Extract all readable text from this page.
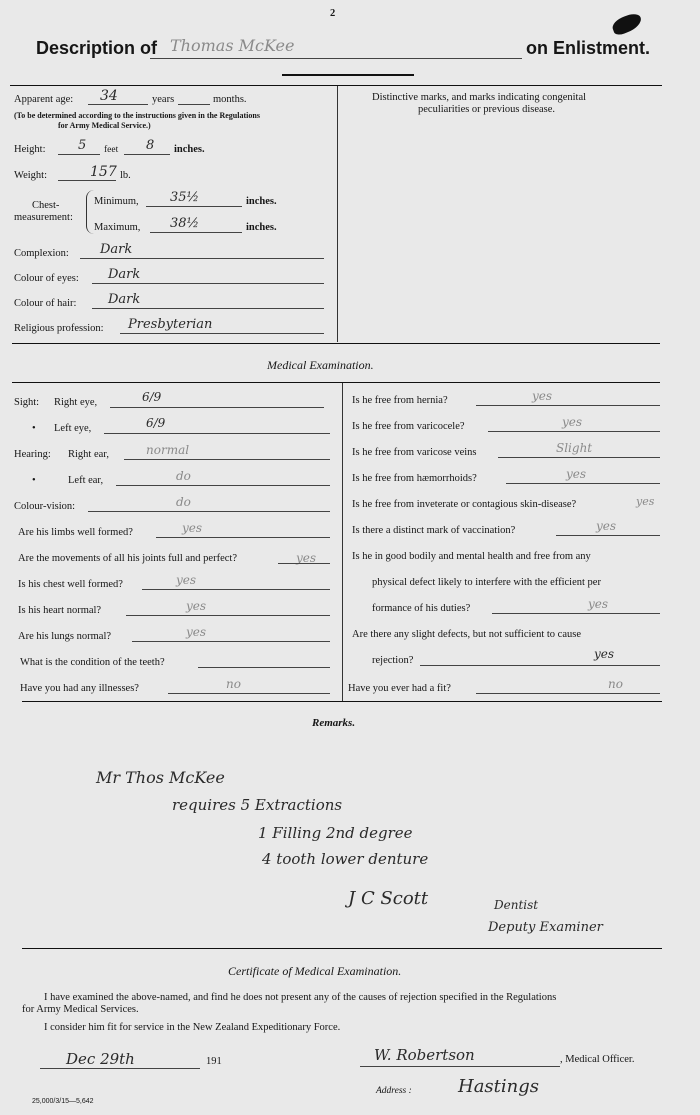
2
Description of Thomas McKee	on Enlistment.
Apparent age: 34	years	months.
(To be determined according to the instructions given in the Regulations
for Army Medical Service.)
Height:	5 feet 8 inches.
Weight:	157 lb.
Chest-
measurement:
Minimum, 35½	inches.
Maximum, 38½	inches.
Complexion: Dark
Colour of eyes: Dark
Colour of hair: Dark
Religious profession: Presbyterian
Distinctive marks, and marks indicating congenital
peculiarities or previous disease.
Medical Examination.
Sight: Right eye,	6/9
• Left eye,	6/9
Hearing: Right ear,	normal
•	Left ear,	do
Colour-vision:	do
Are his limbs well formed?	yes
Are the movements of all his joints full and perfect?	yes
Is his chest well formed?	yes
Is his heart normal?	yes
Are his lungs normal?	yes
What is the condition of the teeth?
Have you had any illnesses?	no
Is he free from hernia?	yes
Is he free from varicocele?	yes
Is he free from varicose veins	Slight
Is he free from hæmorrhoids?	yes
Is he free from inveterate or contagious skin-disease?	yes
Is there a distinct mark of vaccination?	yes
Is he in good bodily and mental health and free from any
physical defect likely to interfere with the efficient per
formance of his duties?	yes
Are there any slight defects, but not sufficient to cause
rejection?	yes
Have you ever had a fit?	no
Remarks.
Mr Thos McKee
requires 5 Extractions
1 Filling 2nd degree
4 tooth lower denture
J C Scott	Dentist
Deputy Examiner
Certificate of Medical Examination.
I have examined the above-named, and find he does not present any of the causes of rejection specified in the Regulations
for Army Medical Services.
I consider him fit for service in the New Zealand Expeditionary Force.
Dec 29th	191	W. Robertson	, Medical Officer.
Address :	Hastings
25,000/3/15—5,642
